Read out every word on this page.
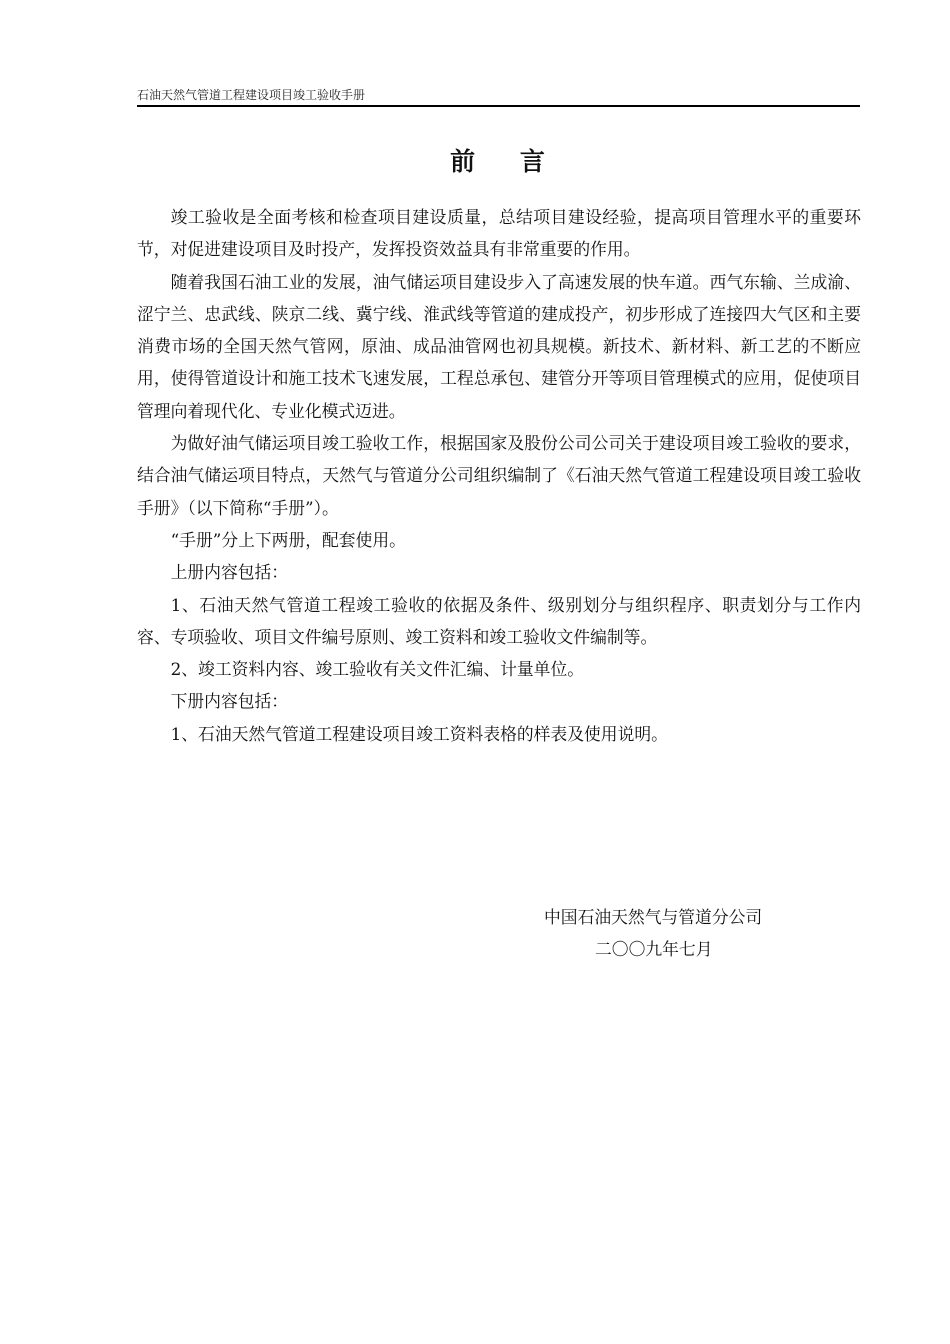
石油天然气管道工程建设项目竣工验收手册
前    言

竣工验收是全面考核和检查项目建设质量，总结项目建设经验，提高项目管理水平的重要环节，对促进建设项目及时投产，发挥投资效益具有非常重要的作用。

随着我国石油工业的发展，油气储运项目建设步入了高速发展的快车道。西气东输、兰成渝、涩宁兰、忠武线、陕京二线、冀宁线、淮武线等管道的建成投产，初步形成了连接四大气区和主要消费市场的全国天然气管网，原油、成品油管网也初具规模。新技术、新材料、新工艺的不断应用，使得管道设计和施工技术飞速发展，工程总承包、建管分开等项目管理模式的应用，促使项目管理向着现代化、专业化模式迈进。

为做好油气储运项目竣工验收工作，根据国家及股份公司公司关于建设项目竣工验收的要求，结合油气储运项目特点，天然气与管道分公司组织编制了《石油天然气管道工程建设项目竣工验收手册》（以下简称“手册”）。

“手册”分上下两册，配套使用。

上册内容包括：

1、石油天然气管道工程竣工验收的依据及条件、级别划分与组织程序、职责划分与工作内容、专项验收、项目文件编号原则、竣工资料和竣工验收文件编制等。

2、竣工资料内容、竣工验收有关文件汇编、计量单位。

下册内容包括：

1、石油天然气管道工程建设项目竣工资料表格的样表及使用说明。

中国石油天然气与管道分公司
二〇〇九年七月
